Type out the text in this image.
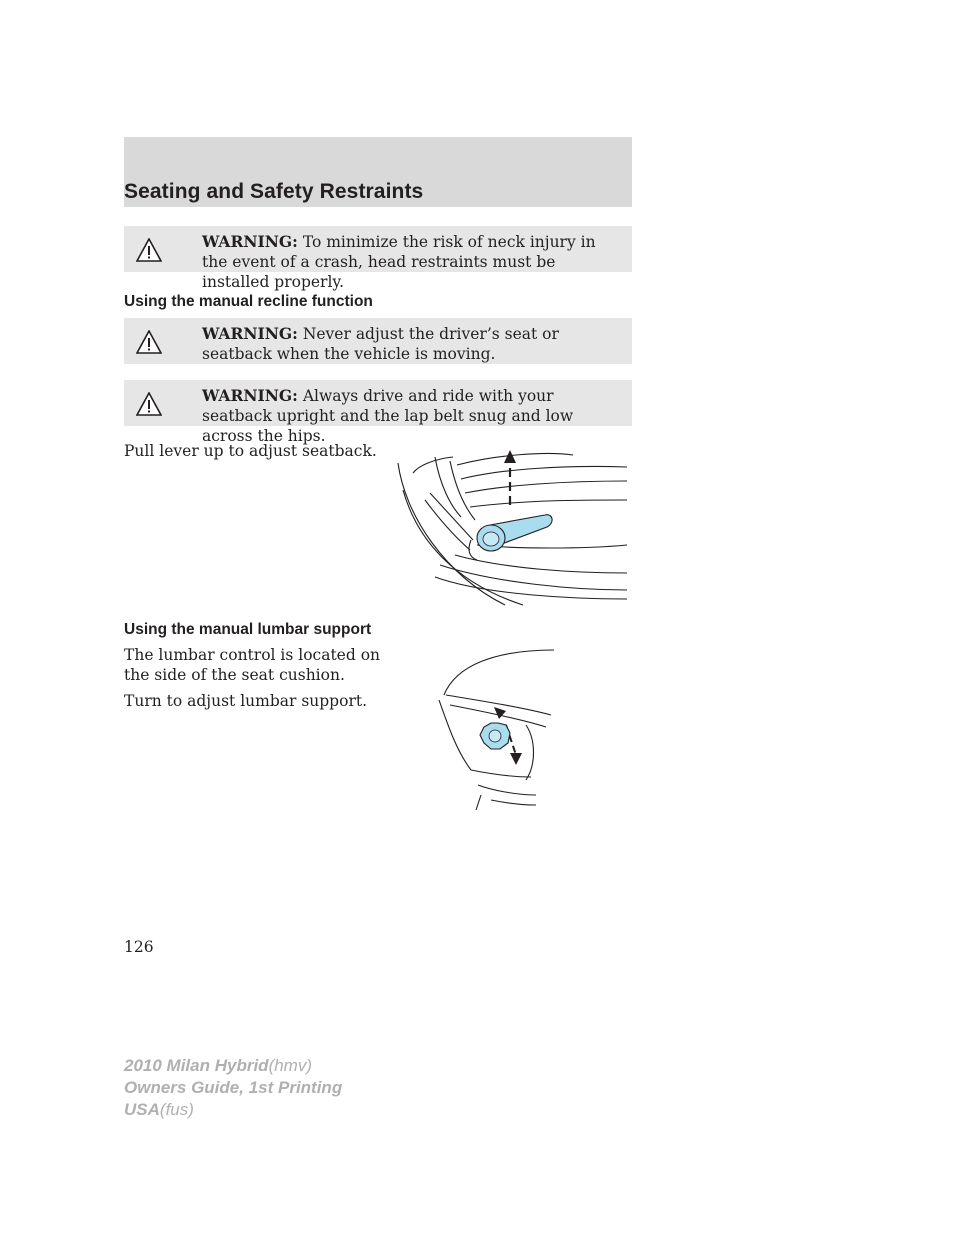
Seating and Safety Restraints
WARNING: To minimize the risk of neck injury in the event of a crash, head restraints must be installed properly.
Using the manual recline function
WARNING: Never adjust the driver’s seat or seatback when the vehicle is moving.
WARNING: Always drive and ride with your seatback upright and the lap belt snug and low across the hips.
Pull lever up to adjust seatback.
Using the manual lumbar support
The lumbar control is located on the side of the seat cushion.
Turn to adjust lumbar support.
126
2010 Milan Hybrid(hmv)
Owners Guide, 1st Printing
USA(fus)
